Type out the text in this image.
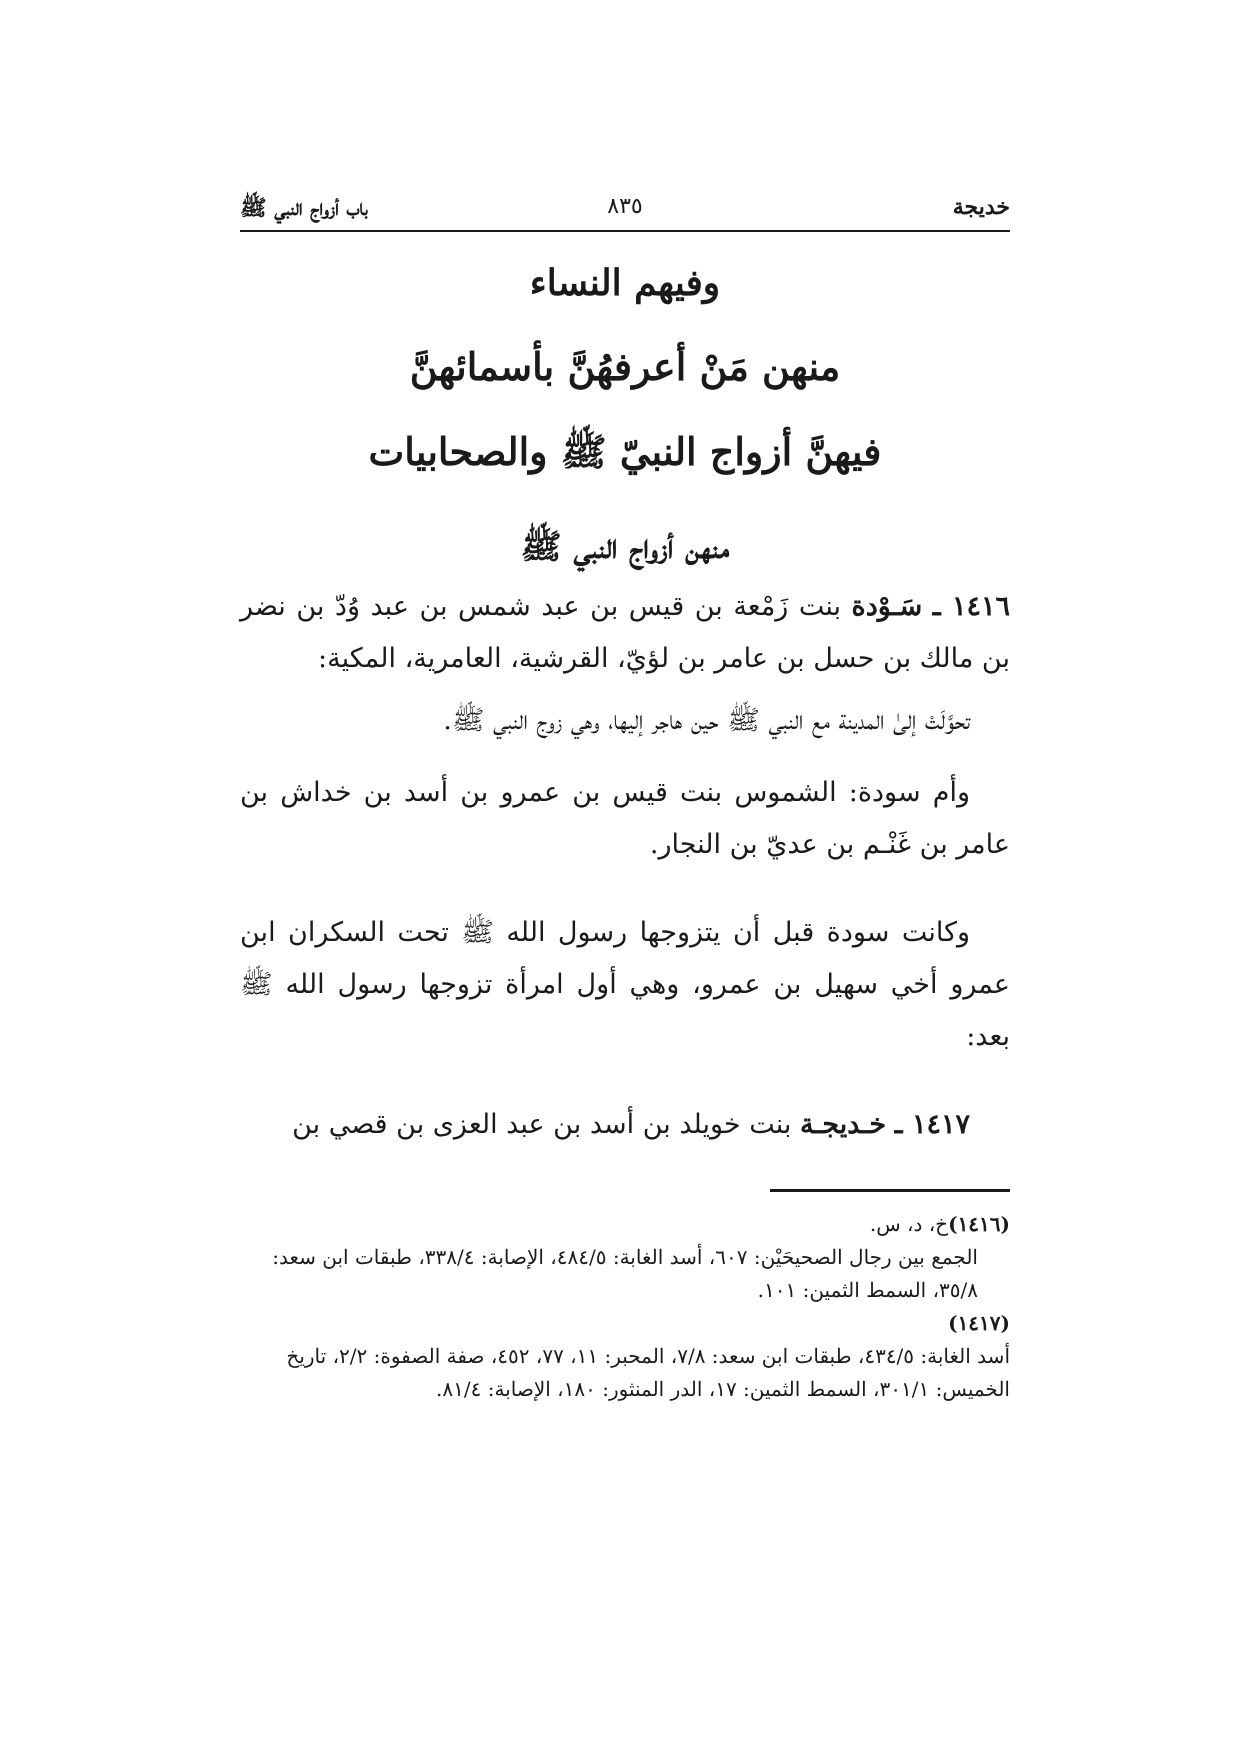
خديجة
٨٣٥
باب أزواج النبي ﷺ

وفيهم النساء

منهن مَنْ أعرفهُنَّ بأسمائهنَّ

فيهنَّ أزواج النبيّ ﷺ والصحابيات

منهن أزواج النبي ﷺ

١٤١٦ ـ سَـوْدة بنت زَمْعة بن قيس بن عبد شمس بن عبد وُدّ بن نضر بن مالك بن حسل بن عامر بن لؤيّ، القرشية، العامرية، المكية:

تحوَّلَتْ إلىٰ المدينة مع النبي ﷺ حين هاجر إليها، وهي زوج النبي ﷺ.

وأم سودة: الشموس بنت قيس بن عمرو بن أسد بن خداش بن عامر بن غَنْـم بن عديّ بن النجار.

وكانت سودة قبل أن يتزوجها رسول الله ﷺ تحت السكران ابن عمرو أخي سهيل بن عمرو، وهي أول امرأة تزوجها رسول الله ﷺ بعد:

١٤١٧ ـ خـديجـة بنت خويلد بن أسد بن عبد العزى بن قصي بن

(١٤١٦)خ، د، س.

الجمع بين رجال الصحيحَيْن: ٦٠٧، أسد الغابة: ٤٨٤/٥، الإصابة: ٣٣٨/٤، طبقات ابن سعد: ٣٥/٨، السمط الثمين: ١٠١.

(١٤١٧)

أسد الغابة: ٤٣٤/٥، طبقات ابن سعد: ٧/٨، المحبر: ١١، ٧٧، ٤٥٢، صفة الصفوة: ٢/٢، تاريخ الخميس: ٣٠١/١، السمط الثمين: ١٧، الدر المنثور: ١٨٠، الإصابة: ٨١/٤.
